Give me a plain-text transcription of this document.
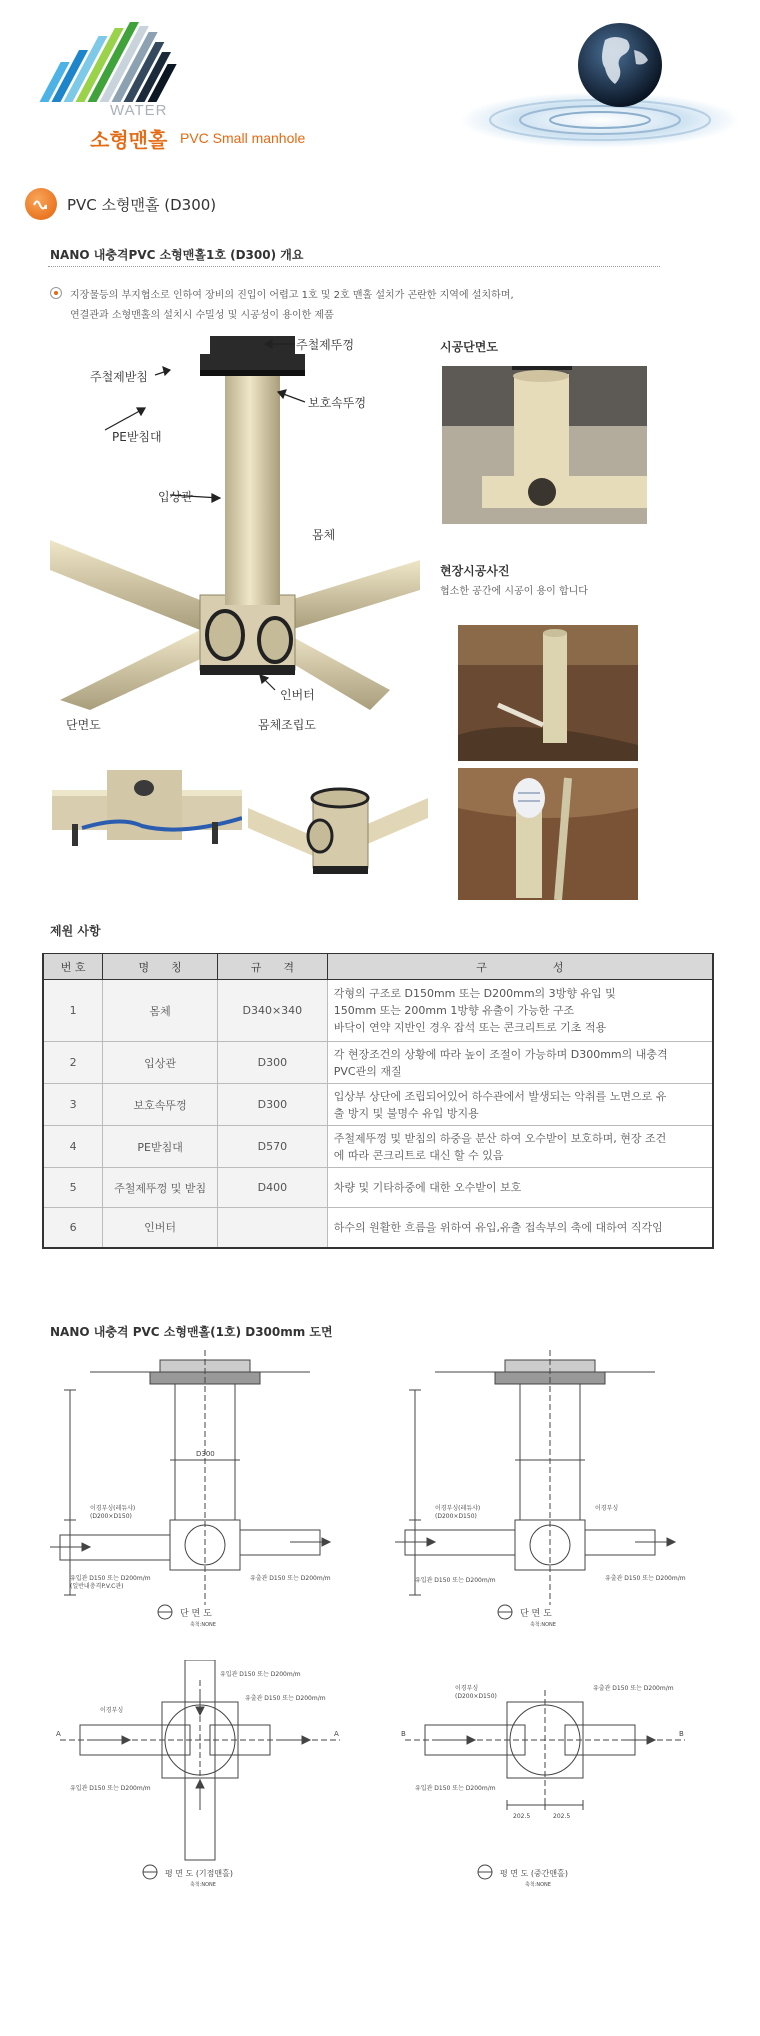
WATER
소형맨홀 PVC Small manhole
PVC 소형맨홀 (D300)
NANO 내충격PVC 소형맨홀1호 (D300) 개요
지장물등의 부지협소로 인하여 장비의 진입이 어렵고 1호 및 2호 맨홀 설치가 곤란한 지역에 설치하며,
연결관과 소형맨홀의 설치시 수밀성 및 시공성이 용이한 제품
주철제뚜껑
주철제받침
보호속뚜껑
PE받침대
입상관
몸체
인버터
단면도	몸체조립도
시공단면도
현장시공사진
협소한 공간에 시공이 용이 합니다
제원 사항
번 호	명　　칭	규　　격	구　　　　　　성
1	몸체	D340×340	각형의 구조로 D150mm 또는 D200mm의 3방향 유입 및
150mm 또는 200mm 1방향 유출이 가능한 구조
바닥이 연약 지반인 경우 잡석 또는 콘크리트로 기초 적용

2	입상관	D300	각 현장조건의 상황에 따라 높이 조절이 가능하며 D300mm의 내충격
PVC관의 재질

3	보호속뚜껑	D300	입상부 상단에 조립되어있어 하수관에서 발생되는 악취를 노면으로 유
출 방지 및 불명수 유입 방지용

4	PE받침대	D570	주철제뚜껑 및 받침의 하중을 분산 하여 오수받이 보호하며, 현장 조건
에 따라 콘크리트로 대신 할 수 있음

5	주철제뚜껑 및 받침	D400	차량 및 기타하중에 대한 오수받이 보호
6	인버터		하수의 원활한 흐름을 위하여 유입,유출 접속부의 축에 대하여 직각임
NANO 내충격 PVC 소형맨홀(1호) D300mm 도면
D300
이경부싱(레듀샤)
(D200×D150)
유입관 D150 또는 D200m/m
(일반내충격P.V.C관)
유출관 D150 또는 D200m/m
단 면 도
축척:NONE
이경부싱(레듀샤)
(D200×D150)
이경부싱
유입관 D150 또는 D200m/m	유출관 D150 또는 D200m/m
단 면 도
축척:NONE
A	A
유입관 D150 또는 D200m/m
이경부싱
유출관 D150 또는 D200m/m
유입관 D150 또는 D200m/m
평 면 도 (기점맨홀)
축척:NONE
B	B
이경부싱
(D200×D150)
유출관 D150 또는 D200m/m
유입관 D150 또는 D200m/m
202.5	202.5
평 면 도 (중간맨홀)
축척:NONE
